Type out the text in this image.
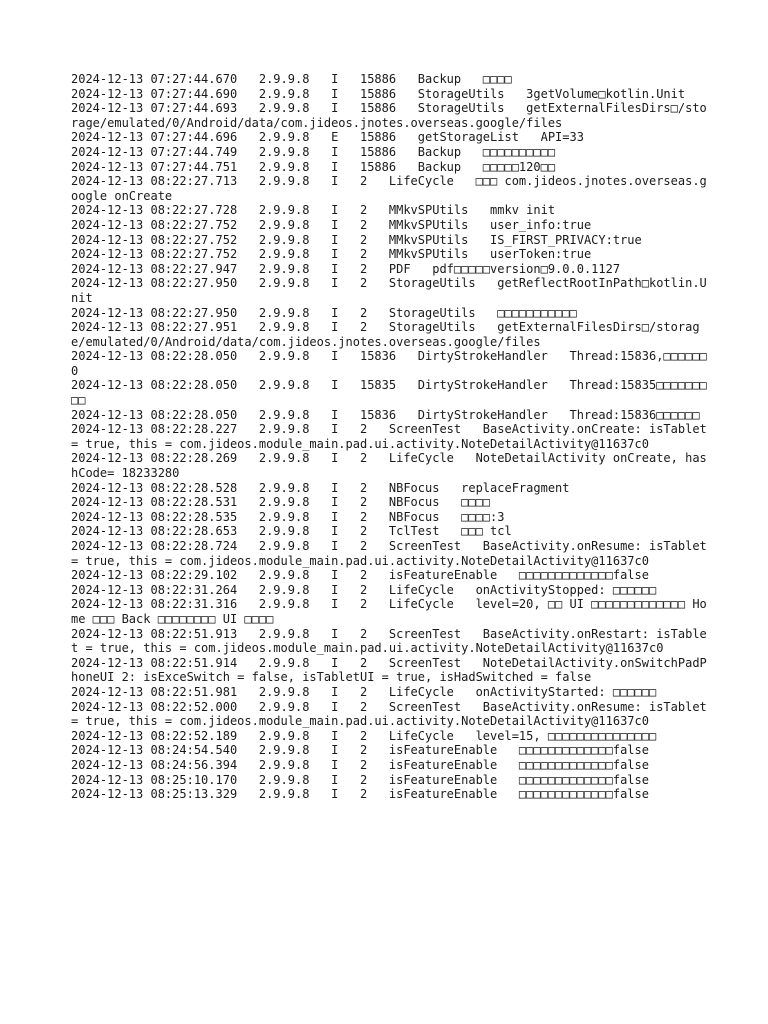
2024-12-13 07:27:44.670   2.9.9.8   I   15886   Backup   □□□□

2024-12-13 07:27:44.690   2.9.9.8   I   15886   StorageUtils   3getVolume□kotlin.Unit

2024-12-13 07:27:44.693   2.9.9.8   I   15886   StorageUtils   getExternalFilesDirs□/storage/emulated/0/Android/data/com.jideos.jnotes.overseas.google/files

2024-12-13 07:27:44.696   2.9.9.8   E   15886   getStorageList   API=33

2024-12-13 07:27:44.749   2.9.9.8   I   15886   Backup   □□□□□□□□□□

2024-12-13 07:27:44.751   2.9.9.8   I   15886   Backup   □□□□□120□□

2024-12-13 08:22:27.713   2.9.9.8   I   2   LifeCycle   □□□ com.jideos.jnotes.overseas.google onCreate

2024-12-13 08:22:27.728   2.9.9.8   I   2   MMkvSPUtils   mmkv init

2024-12-13 08:22:27.752   2.9.9.8   I   2   MMkvSPUtils   user_info:true

2024-12-13 08:22:27.752   2.9.9.8   I   2   MMkvSPUtils   IS_FIRST_PRIVACY:true

2024-12-13 08:22:27.752   2.9.9.8   I   2   MMkvSPUtils   userToken:true

2024-12-13 08:22:27.947   2.9.9.8   I   2   PDF   pdf□□□□□version□9.0.0.1127

2024-12-13 08:22:27.950   2.9.9.8   I   2   StorageUtils   getReflectRootInPath□kotlin.Unit

2024-12-13 08:22:27.950   2.9.9.8   I   2   StorageUtils   □□□□□□□□□□□

2024-12-13 08:22:27.951   2.9.9.8   I   2   StorageUtils   getExternalFilesDirs□/storage/emulated/0/Android/data/com.jideos.jnotes.overseas.google/files

2024-12-13 08:22:28.050   2.9.9.8   I   15836   DirtyStrokeHandler   Thread:15836,□□□□□□0

2024-12-13 08:22:28.050   2.9.9.8   I   15835   DirtyStrokeHandler   Thread:15835□□□□□□□□□

2024-12-13 08:22:28.050   2.9.9.8   I   15836   DirtyStrokeHandler   Thread:15836□□□□□□

2024-12-13 08:22:28.227   2.9.9.8   I   2   ScreenTest   BaseActivity.onCreate: isTablet = true, this = com.jideos.module_main.pad.ui.activity.NoteDetailActivity@11637c0

2024-12-13 08:22:28.269   2.9.9.8   I   2   LifeCycle   NoteDetailActivity onCreate, hashCode= 18233280

2024-12-13 08:22:28.528   2.9.9.8   I   2   NBFocus   replaceFragment

2024-12-13 08:22:28.531   2.9.9.8   I   2   NBFocus   □□□□

2024-12-13 08:22:28.535   2.9.9.8   I   2   NBFocus   □□□□:3

2024-12-13 08:22:28.653   2.9.9.8   I   2   TclTest   □□□ tcl

2024-12-13 08:22:28.724   2.9.9.8   I   2   ScreenTest   BaseActivity.onResume: isTablet = true, this = com.jideos.module_main.pad.ui.activity.NoteDetailActivity@11637c0

2024-12-13 08:22:29.102   2.9.9.8   I   2   isFeatureEnable   □□□□□□□□□□□□□false

2024-12-13 08:22:31.264   2.9.9.8   I   2   LifeCycle   onActivityStopped: □□□□□□

2024-12-13 08:22:31.316   2.9.9.8   I   2   LifeCycle   level=20, □□ UI □□□□□□□□□□□□□ Home □□□ Back □□□□□□□□ UI □□□□

2024-12-13 08:22:51.913   2.9.9.8   I   2   ScreenTest   BaseActivity.onRestart: isTablet = true, this = com.jideos.module_main.pad.ui.activity.NoteDetailActivity@11637c0

2024-12-13 08:22:51.914   2.9.9.8   I   2   ScreenTest   NoteDetailActivity.onSwitchPadPhoneUI 2: isExceSwitch = false, isTabletUI = true, isHadSwitched = false

2024-12-13 08:22:51.981   2.9.9.8   I   2   LifeCycle   onActivityStarted: □□□□□□

2024-12-13 08:22:52.000   2.9.9.8   I   2   ScreenTest   BaseActivity.onResume: isTablet = true, this = com.jideos.module_main.pad.ui.activity.NoteDetailActivity@11637c0

2024-12-13 08:22:52.189   2.9.9.8   I   2   LifeCycle   level=15, □□□□□□□□□□□□□□□

2024-12-13 08:24:54.540   2.9.9.8   I   2   isFeatureEnable   □□□□□□□□□□□□□false

2024-12-13 08:24:56.394   2.9.9.8   I   2   isFeatureEnable   □□□□□□□□□□□□□false

2024-12-13 08:25:10.170   2.9.9.8   I   2   isFeatureEnable   □□□□□□□□□□□□□false

2024-12-13 08:25:13.329   2.9.9.8   I   2   isFeatureEnable   □□□□□□□□□□□□□false
